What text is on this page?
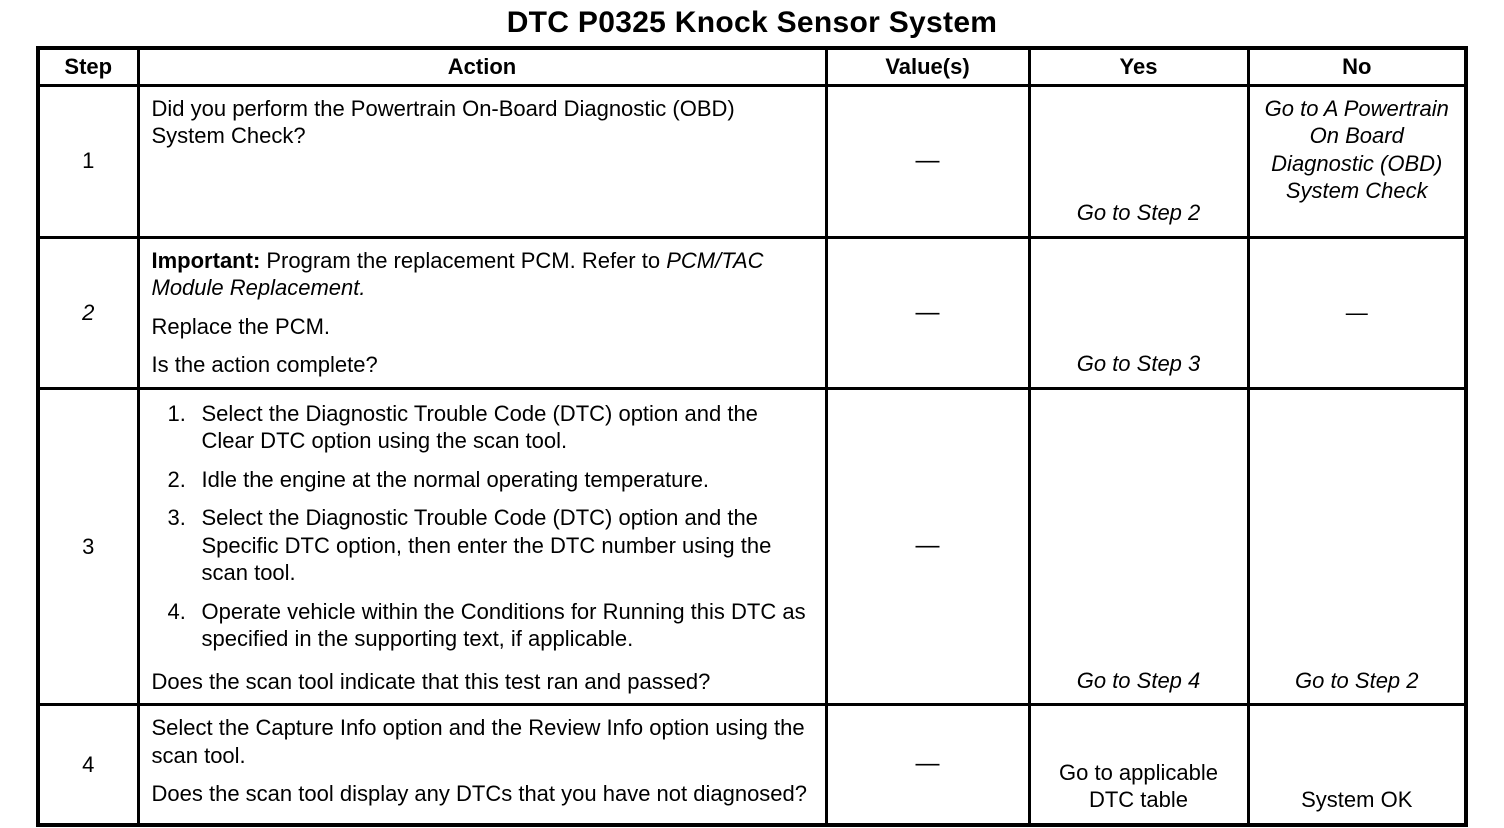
DTC P0325 Knock Sensor System
Step	Action	Value(s)	Yes	No
1	Did you perform the Powertrain On-Board Diagnostic (OBD) System Check?	—	Go to Step 2	Go to A Powertrain On Board Diagnostic (OBD) System Check
2	Important: Program the replacement PCM. Refer to PCM/TAC Module Replacement.

Replace the PCM.

Is the action complete?	—	Go to Step 3	—
3	
1. Select the Diagnostic Trouble Code (DTC) option and the Clear DTC option using the scan tool.
2. Idle the engine at the normal operating temperature.
3. Select the Diagnostic Trouble Code (DTC) option and the Specific DTC option, then enter the DTC number using the scan tool.
4. Operate vehicle within the Conditions for Running this DTC as specified in the supporting text, if applicable.

Does the scan tool indicate that this test ran and passed?

	—	Go to Step 4	Go to Step 2
4	Select the Capture Info option and the Review Info option using the scan tool.

Does the scan tool display any DTCs that you have not diagnosed?	—	Go to applicable DTC table	System OK
